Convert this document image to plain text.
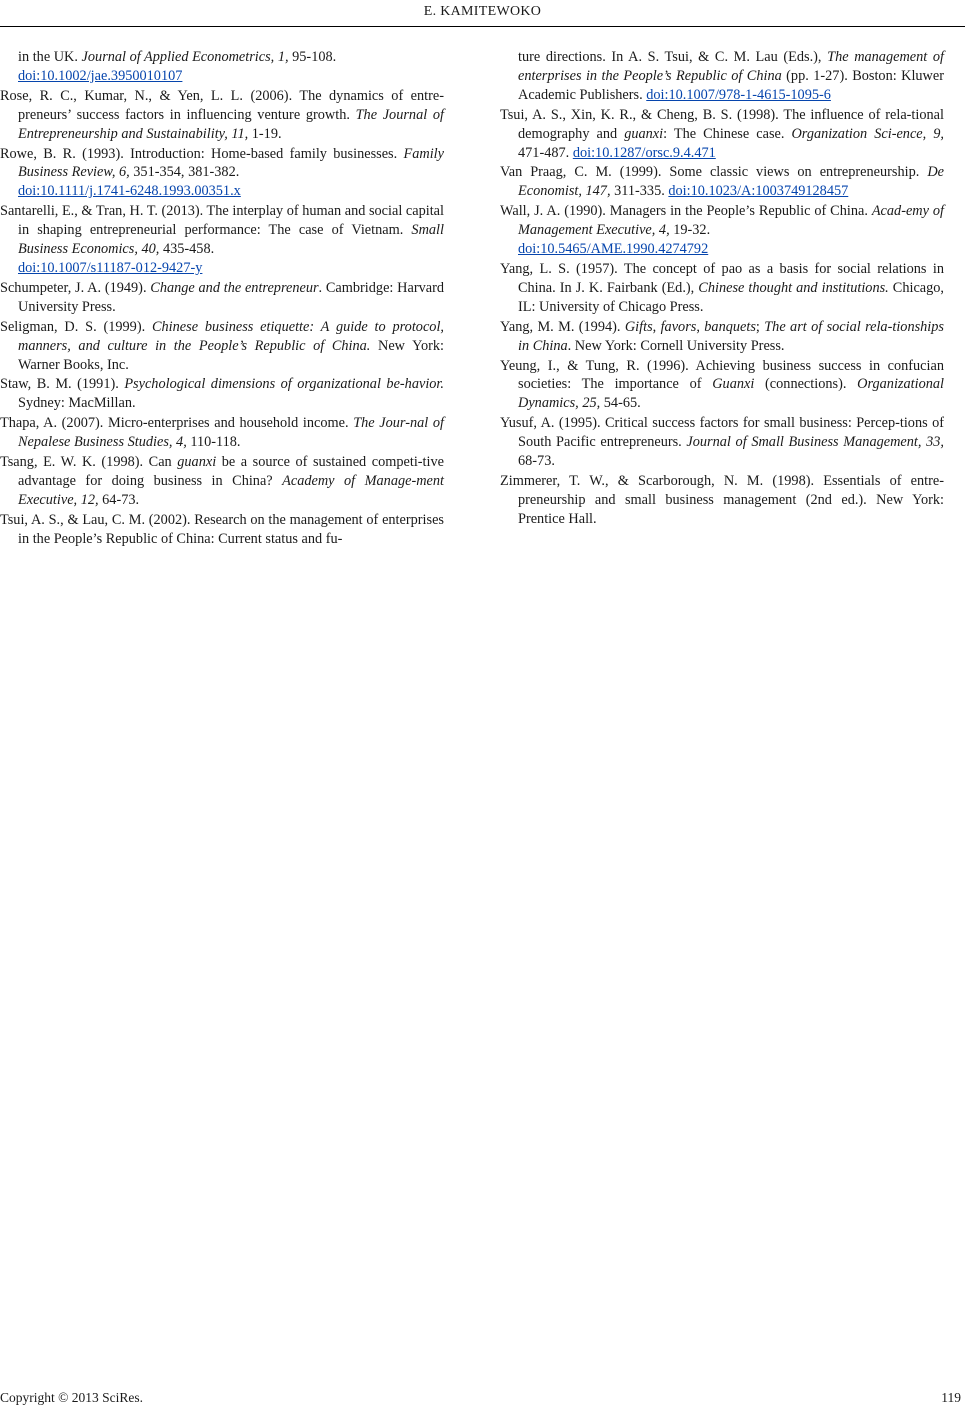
E. KAMITEWOKO
in the UK. Journal of Applied Econometrics, 1, 95-108.
doi:10.1002/jae.3950010107
Rose, R. C., Kumar, N., & Yen, L. L. (2006). The dynamics of entre-preneurs’ success factors in influencing venture growth. The Journal of Entrepreneurship and Sustainability, 11, 1-19.
Rowe, B. R. (1993). Introduction: Home-based family businesses. Family Business Review, 6, 351-354, 381-382.
doi:10.1111/j.1741-6248.1993.00351.x
Santarelli, E., & Tran, H. T. (2013). The interplay of human and social capital in shaping entrepreneurial performance: The case of Vietnam. Small Business Economics, 40, 435-458.
doi:10.1007/s11187-012-9427-y
Schumpeter, J. A. (1949). Change and the entrepreneur. Cambridge: Harvard University Press.
Seligman, D. S. (1999). Chinese business etiquette: A guide to protocol, manners, and culture in the People’s Republic of China. New York: Warner Books, Inc.
Staw, B. M. (1991). Psychological dimensions of organizational be-havior. Sydney: MacMillan.
Thapa, A. (2007). Micro-enterprises and household income. The Jour-nal of Nepalese Business Studies, 4, 110-118.
Tsang, E. W. K. (1998). Can guanxi be a source of sustained competi-tive advantage for doing business in China? Academy of Manage-ment Executive, 12, 64-73.
Tsui, A. S., & Lau, C. M. (2002). Research on the management of enterprises in the People’s Republic of China: Current status and fu-
ture directions. In A. S. Tsui, & C. M. Lau (Eds.), The management of enterprises in the People’s Republic of China (pp. 1-27). Boston: Kluwer Academic Publishers. doi:10.1007/978-1-4615-1095-6
Tsui, A. S., Xin, K. R., & Cheng, B. S. (1998). The influence of rela-tional demography and guanxi: The Chinese case. Organization Sci-ence, 9, 471-487. doi:10.1287/orsc.9.4.471
Van Praag, C. M. (1999). Some classic views on entrepreneurship. De Economist, 147, 311-335. doi:10.1023/A:1003749128457
Wall, J. A. (1990). Managers in the People’s Republic of China. Acad-emy of Management Executive, 4, 19-32.
doi:10.5465/AME.1990.4274792
Yang, L. S. (1957). The concept of pao as a basis for social relations in China. In J. K. Fairbank (Ed.), Chinese thought and institutions. Chicago, IL: University of Chicago Press.
Yang, M. M. (1994). Gifts, favors, banquets; The art of social rela-tionships in China. New York: Cornell University Press.
Yeung, I., & Tung, R. (1996). Achieving business success in confucian societies: The importance of Guanxi (connections). Organizational Dynamics, 25, 54-65.
Yusuf, A. (1995). Critical success factors for small business: Percep-tions of South Pacific entrepreneurs. Journal of Small Business Management, 33, 68-73.
Zimmerer, T. W., & Scarborough, N. M. (1998). Essentials of entre-preneurship and small business management (2nd ed.). New York: Prentice Hall.
Copyright © 2013 SciRes.	119
